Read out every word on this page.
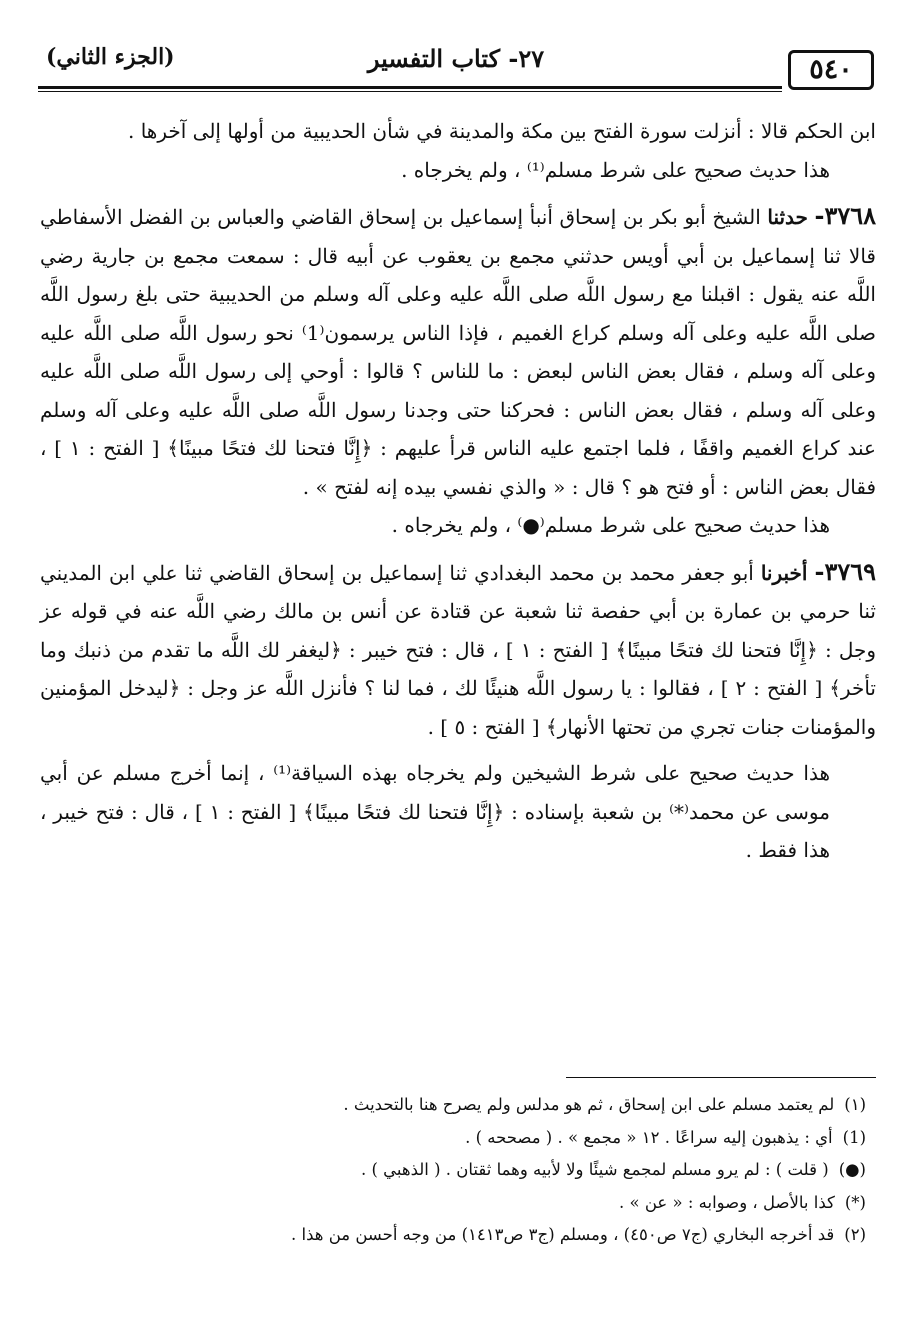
٥٤٠
٢٧- كتاب التفسير
(الجزء الثاني)

ابن الحكم قالا : أنزلت سورة الفتح بين مكة والمدينة في شأن الحديبية من أولها إلى آخرها .

هذا حديث صحيح على شرط مسلم⁽¹⁾ ، ولم يخرجاه .

٣٧٦٨- حدثنا الشيخ أبو بكر بن إسحاق أنبأ إسماعيل بن إسحاق القاضي والعباس بن الفضل الأسفاطي قالا ثنا إسماعيل بن أبي أويس حدثني مجمع بن يعقوب عن أبيه قال : سمعت مجمع بن جارية رضي اللَّه عنه يقول : اقبلنا مع رسول اللَّه صلى اللَّه عليه وعلى آله وسلم من الحديبية حتى بلغ رسول اللَّه صلى اللَّه عليه وعلى آله وسلم كراع الغميم ، فإذا الناس يرسمون⁽1⁾ نحو رسول اللَّه صلى اللَّه عليه وعلى آله وسلم ، فقال بعض الناس لبعض : ما للناس ؟ قالوا : أوحي إلى رسول اللَّه صلى اللَّه عليه وعلى آله وسلم ، فقال بعض الناس : فحركنا حتى وجدنا رسول اللَّه صلى اللَّه عليه وعلى آله وسلم عند كراع الغميم واقفًا ، فلما اجتمع عليه الناس قرأ عليهم : ﴿إِنَّا فتحنا لك فتحًا مبينًا﴾ [ الفتح : ١ ] ، فقال بعض الناس : أو فتح هو ؟ قال : « والذي نفسي بيده إنه لفتح » .

هذا حديث صحيح على شرط مسلم⁽●⁾ ، ولم يخرجاه .

٣٧٦٩- أخبرنا أبو جعفر محمد بن محمد البغدادي ثنا إسماعيل بن إسحاق القاضي ثنا علي ابن المديني ثنا حرمي بن عمارة بن أبي حفصة ثنا شعبة عن قتادة عن أنس بن مالك رضي اللَّه عنه في قوله عز وجل : ﴿إِنَّا فتحنا لك فتحًا مبينًا﴾ [ الفتح : ١ ] ، قال : فتح خيبر : ﴿ليغفر لك اللَّه ما تقدم من ذنبك وما تأخر﴾ [ الفتح : ٢ ] ، فقالوا : يا رسول اللَّه هنيئًا لك ، فما لنا ؟ فأنزل اللَّه عز وجل : ﴿ليدخل المؤمنين والمؤمنات جنات تجري من تحتها الأنهار﴾ [ الفتح : ٥ ] .

هذا حديث صحيح على شرط الشيخين ولم يخرجاه بهذه السياقة⁽¹⁾ ، إنما أخرج مسلم عن أبي موسى عن محمد⁽*⁾ بن شعبة بإسناده : ﴿إِنَّا فتحنا لك فتحًا مبينًا﴾ [ الفتح : ١ ] ، قال : فتح خيبر ، هذا فقط .

(١)لم يعتمد مسلم على ابن إسحاق ، ثم هو مدلس ولم يصرح هنا بالتحديث .

(1)أي : يذهبون إليه سراعًا . ١٢ « مجمع » . ( مصححه ) .

(●)( قلت ) : لم يرو مسلم لمجمع شيئًا ولا لأبيه وهما ثقتان . ( الذهبي ) .

(*)كذا بالأصل ، وصوابه : « عن » .

(٢)قد أخرجه البخاري (ج٧ ص٤٥٠) ، ومسلم (ج٣ ص١٤١٣) من وجه أحسن من هذا .
